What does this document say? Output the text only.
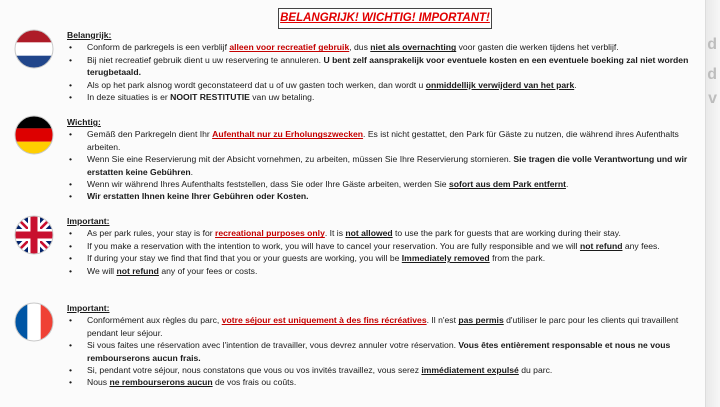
d
d
v
BELANGRIJK! WICHTIG! IMPORTANT!
Belangrijk:
• Conform de parkregels is een verblijf alleen voor recreatief gebruik, dus niet als overnachting voor gasten die werken tijdens het verblijf.
• Bij niet recreatief gebruik dient u uw reservering te annuleren. U bent zelf aansprakelijk voor eventuele kosten en een eventuele boeking zal niet worden terugbetaald.
• Als op het park alsnog wordt geconstateerd dat u of uw gasten toch werken, dan wordt u onmiddellijk verwijderd van het park.
• In deze situaties is er NOOIT RESTITUTIE van uw betaling.
Wichtig:
• Gemäß den Parkregeln dient Ihr Aufenthalt nur zu Erholungszwecken. Es ist nicht gestattet, den Park für Gäste zu nutzen, die während ihres Aufenthalts arbeiten.
• Wenn Sie eine Reservierung mit der Absicht vornehmen, zu arbeiten, müssen Sie Ihre Reservierung stornieren. Sie tragen die volle Verantwortung und wir erstatten keine Gebühren.
• Wenn wir während Ihres Aufenthalts feststellen, dass Sie oder Ihre Gäste arbeiten, werden Sie sofort aus dem Park entfernt.
• Wir erstatten Ihnen keine Ihrer Gebühren oder Kosten.
Important:
• As per park rules, your stay is for recreational purposes only. It is not allowed to use the park for guests that are working during their stay.
• If you make a reservation with the intention to work, you will have to cancel your reservation. You are fully responsible and we will not refund any fees.
• If during your stay we find that find that you or your guests are working, you will be Immediately removed from the park.
• We will not refund any of your fees or costs.
Important:
• Conformément aux règles du parc, votre séjour est uniquement à des fins récréatives. Il n'est pas permis d'utiliser le parc pour les clients qui travaillent pendant leur séjour.
• Si vous faites une réservation avec l'intention de travailler, vous devrez annuler votre réservation. Vous êtes entièrement responsable et nous ne vous rembourserons aucun frais.
• Si, pendant votre séjour, nous constatons que vous ou vos invités travaillez, vous serez immédiatement expulsé du parc.
• Nous ne rembourserons aucun de vos frais ou coûts.
